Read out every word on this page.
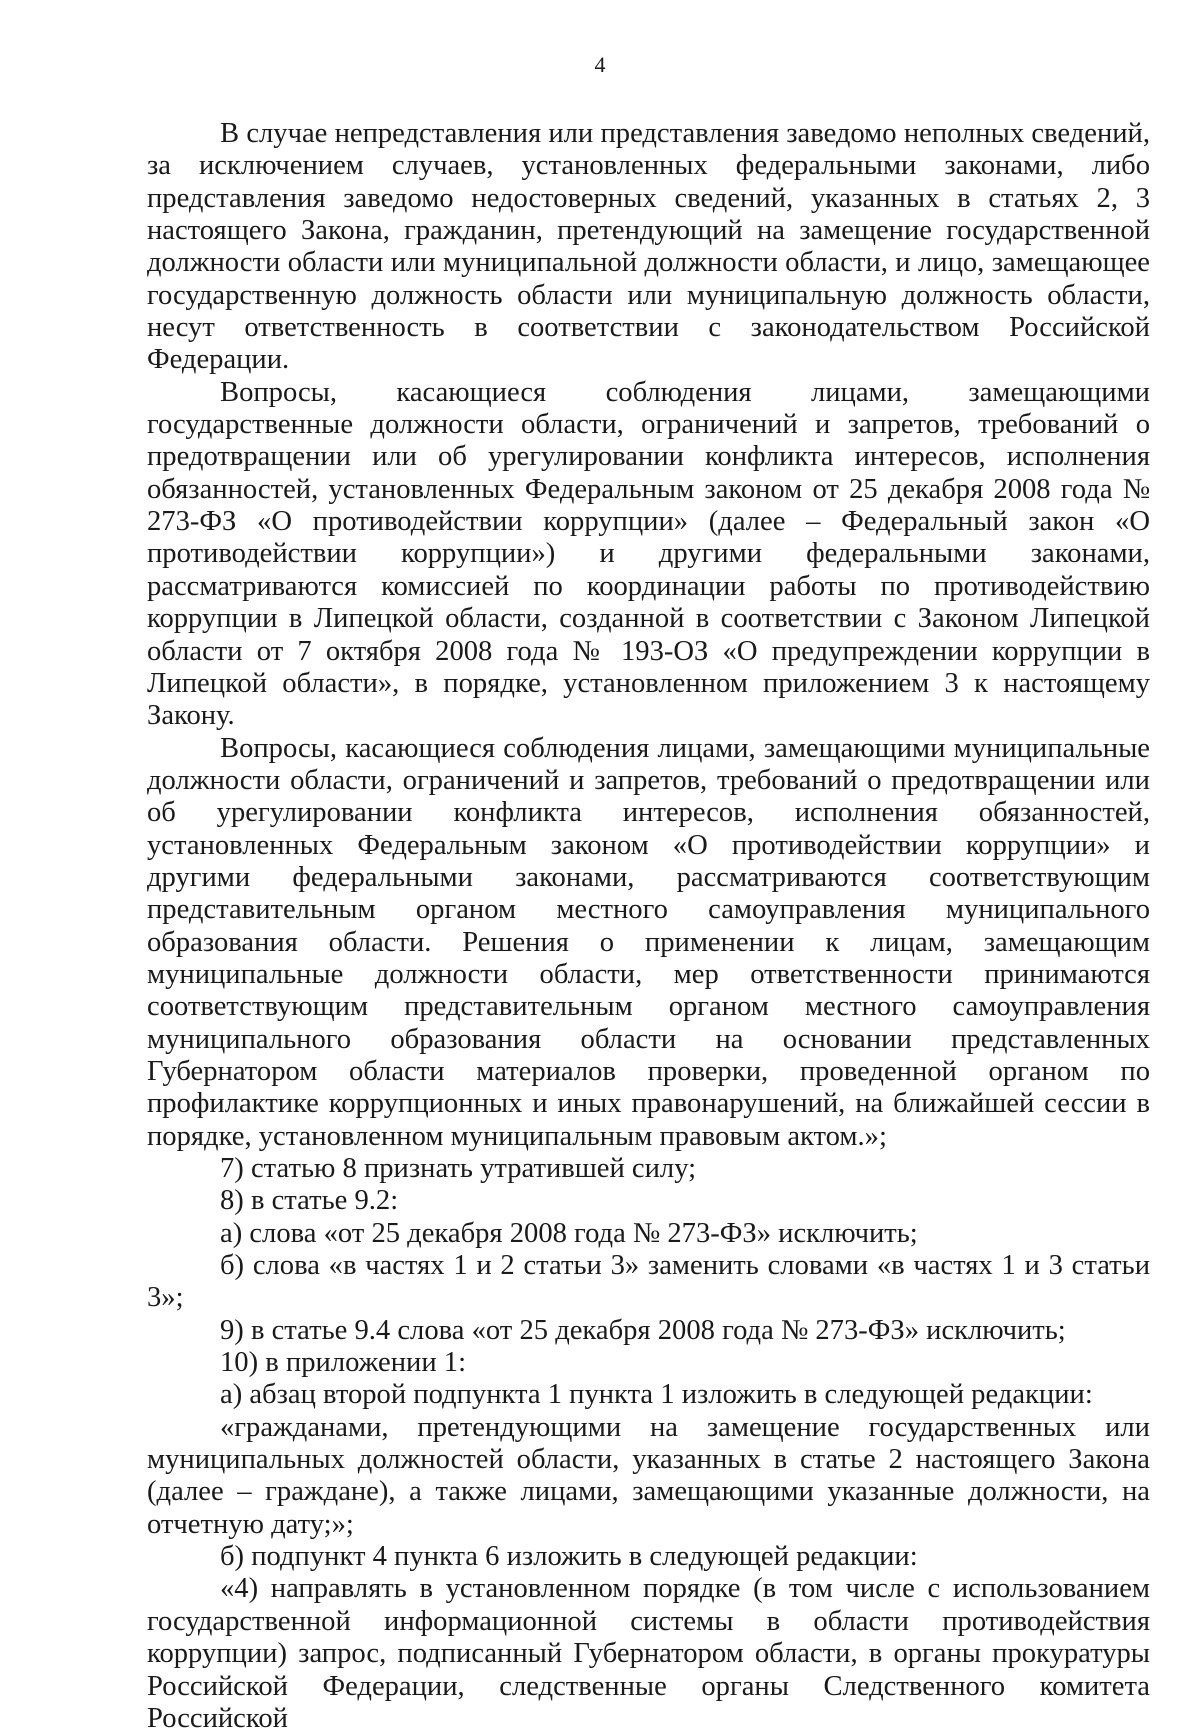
4

В случае непредставления или представления заведомо неполных сведений, за исключением случаев, установленных федеральными законами, либо представления заведомо недостоверных сведений, указанных в статьях 2, 3 настоящего Закона, гражданин, претендующий на замещение государственной должности области или муниципальной должности области, и лицо, замещающее государственную должность области или муниципальную должность области, несут ответственность в соответствии с законодательством Российской Федерации.

Вопросы, касающиеся соблюдения лицами, замещающими государственные должности области, ограничений и запретов, требований о предотвращении или об урегулировании конфликта интересов, исполнения обязанностей, установленных Федеральным законом от 25 декабря 2008 года № 273-ФЗ «О противодействии коррупции» (далее – Федеральный закон «О противодействии коррупции») и другими федеральными законами, рассматриваются комиссией по координации работы по противодействию коррупции в Липецкой области, созданной в соответствии с Законом Липецкой области от 7 октября 2008 года № 193-ОЗ «О предупреждении коррупции в Липецкой области», в порядке, установленном приложением 3 к настоящему Закону.

Вопросы, касающиеся соблюдения лицами, замещающими муниципальные должности области, ограничений и запретов, требований о предотвращении или об урегулировании конфликта интересов, исполнения обязанностей, установленных Федеральным законом «О противодействии коррупции» и другими федеральными законами, рассматриваются соответствующим представительным органом местного самоуправления муниципального образования области. Решения о применении к лицам, замещающим муниципальные должности области, мер ответственности принимаются соответствующим представительным органом местного самоуправления муниципального образования области на основании представленных Губернатором области материалов проверки, проведенной органом по профилактике коррупционных и иных правонарушений, на ближайшей сессии в порядке, установленном муниципальным правовым актом.»;

7) статью 8 признать утратившей силу;

8) в статье 9.2:

а) слова «от 25 декабря 2008 года № 273-ФЗ» исключить;

б) слова «в частях 1 и 2 статьи 3» заменить словами «в частях 1 и 3 статьи 3»;

9) в статье 9.4 слова «от 25 декабря 2008 года № 273-ФЗ» исключить;

10) в приложении 1:

а) абзац второй подпункта 1 пункта 1 изложить в следующей редакции:

«гражданами, претендующими на замещение государственных или муниципальных должностей области, указанных в статье 2 настоящего Закона (далее – граждане), а также лицами, замещающими указанные должности, на отчетную дату;»;

б) подпункт 4 пункта 6 изложить в следующей редакции:

«4) направлять в установленном порядке (в том числе с использованием государственной информационной системы в области противодействия коррупции) запрос, подписанный Губернатором области, в органы прокуратуры Российской Федерации, следственные органы Следственного комитета Российской
